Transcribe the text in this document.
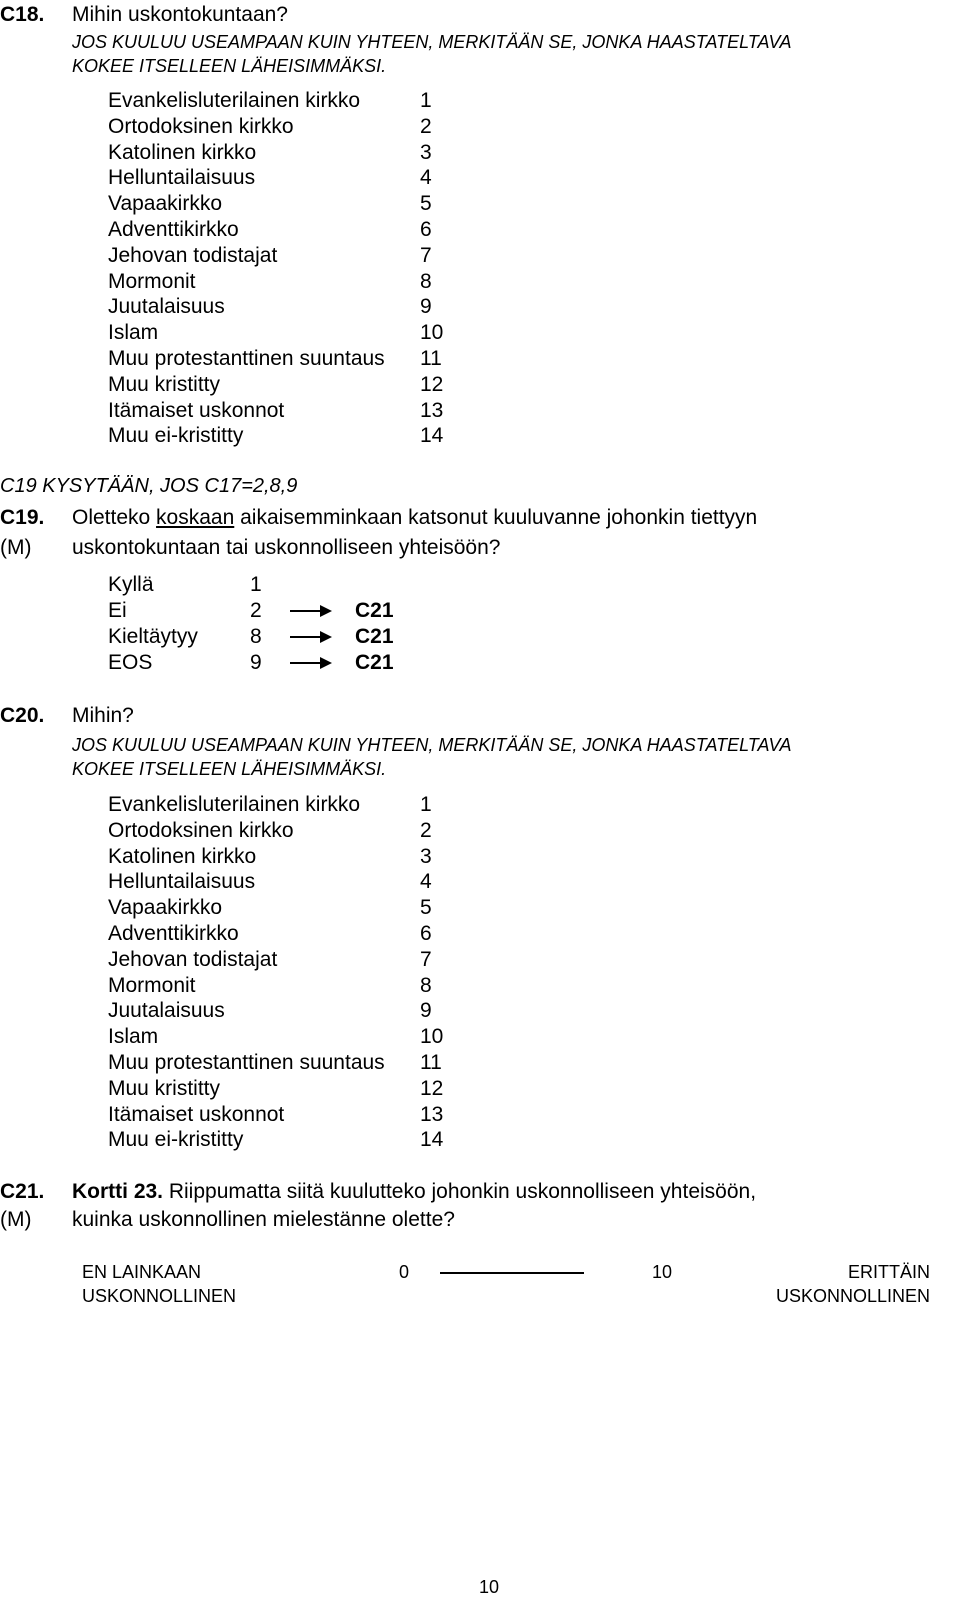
C18. Mihin uskontokuntaan?
JOS KUULUU USEAMPAAN KUIN YHTEEN, MERKITÄÄN SE, JONKA HAASTATELTAVA
KOKEE ITSELLEEN LÄHEISIMMÄKSI.
Evankelisluterilainen kirkko	1
Ortodoksinen kirkko	2
Katolinen kirkko	3
Helluntailaisuus	4
Vapaakirkko	5
Adventtikirkko	6
Jehovan todistajat	7
Mormonit	8
Juutalaisuus	9
Islam	10
Muu protestanttinen suuntaus 11
Muu kristitty	12
Itämaiset uskonnot	13
Muu ei-kristitty	14
C19 KYSYTÄÄN, JOS C17=2,8,9
C19. Oletteko koskaan aikaisemminkaan katsonut kuuluvanne johonkin tiettyyn
(M) uskontokuntaan tai uskonnolliseen yhteisöön?
Kyllä	1
Ei	2	C21
Kieltäytyy 8	C21
EOS	9	C21
C20. Mihin?
JOS KUULUU USEAMPAAN KUIN YHTEEN, MERKITÄÄN SE, JONKA HAASTATELTAVA
KOKEE ITSELLEEN LÄHEISIMMÄKSI.
Evankelisluterilainen kirkko	1
Ortodoksinen kirkko	2
Katolinen kirkko	3
Helluntailaisuus	4
Vapaakirkko	5
Adventtikirkko	6
Jehovan todistajat	7
Mormonit	8
Juutalaisuus	9
Islam	10
Muu protestanttinen suuntaus 11
Muu kristitty	12
Itämaiset uskonnot	13
Muu ei-kristitty	14
C21. Kortti 23. Riippumatta siitä kuulutteko johonkin uskonnolliseen yhteisöön,
(M) kuinka uskonnollinen mielestänne olette?
EN LAINKAAN
USKONNOLLINEN
0	10	ERITTÄIN
USKONNOLLINEN
10
